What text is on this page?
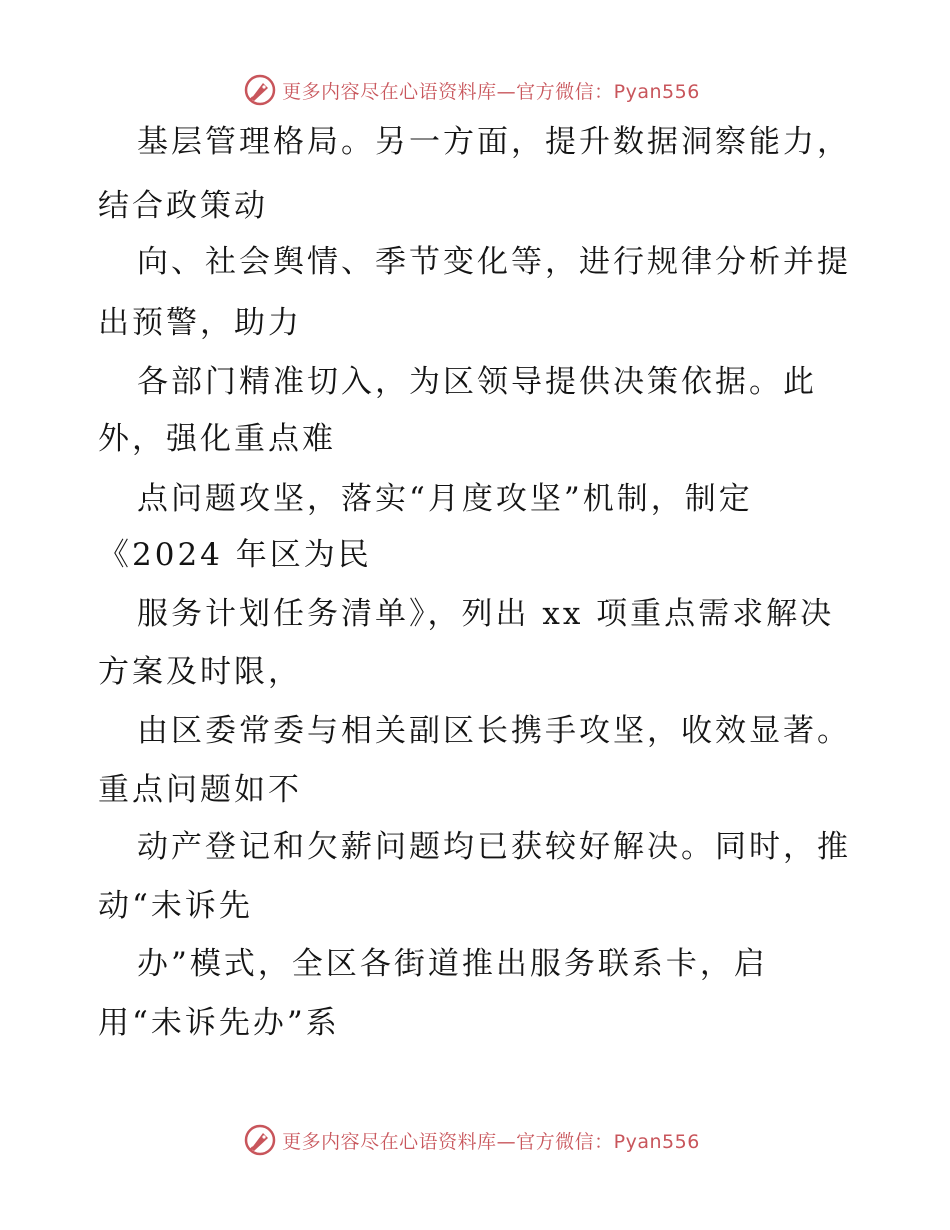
更多内容尽在心语资料库—官方微信：Pyan556
基层管理格局。另一方面，提升数据洞察能力，
结合政策动
向、社会舆情、季节变化等，进行规律分析并提
出预警，助力
各部门精准切入，为区领导提供决策依据。此
外，强化重点难
点问题攻坚，落实“月度攻坚”机制，制定
《2024 年区为民
服务计划任务清单》，列出 xx 项重点需求解决
方案及时限，
由区委常委与相关副区长携手攻坚，收效显著。
重点问题如不
动产登记和欠薪问题均已获较好解决。同时，推
动“未诉先
办”模式，全区各街道推出服务联系卡，启
用“未诉先办”系
更多内容尽在心语资料库—官方微信：Pyan556
